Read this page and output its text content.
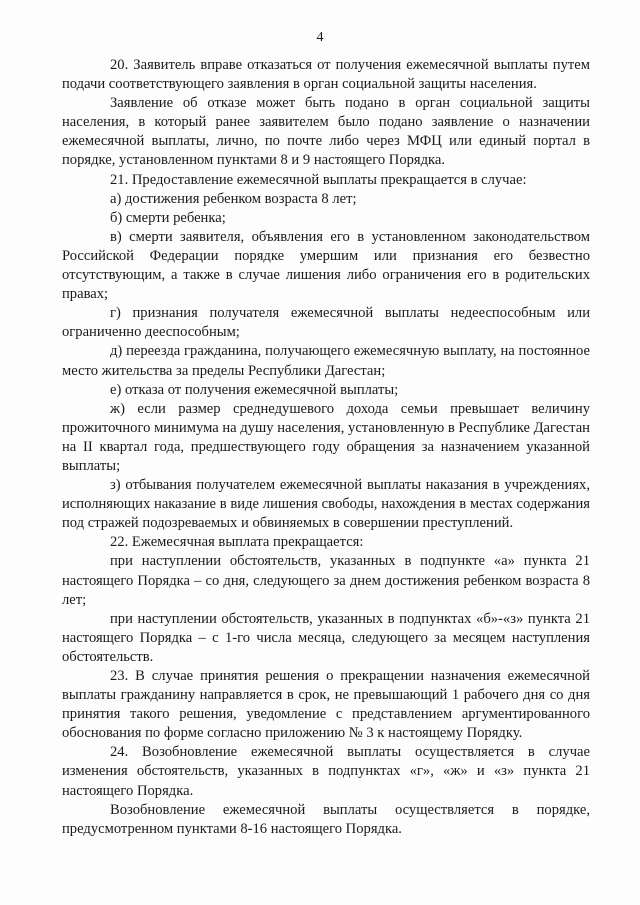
4

20. Заявитель вправе отказаться от получения ежемесячной выплаты путем подачи соответствующего заявления в орган социальной защиты населения.

Заявление об отказе может быть подано в орган социальной защиты населения, в который ранее заявителем было подано заявление о назначении ежемесячной выплаты, лично, по почте либо через МФЦ или единый портал в порядке, установленном пунктами 8 и 9 настоящего Порядка.

21. Предоставление ежемесячной выплаты прекращается в случае:

а) достижения ребенком возраста 8 лет;

б) смерти ребенка;

в) смерти заявителя, объявления его в установленном законодательством Российской Федерации порядке умершим или признания его безвестно отсутствующим, а также в случае лишения либо ограничения его в родительских правах;

г) признания получателя ежемесячной выплаты недееспособным или ограниченно дееспособным;

д) переезда гражданина, получающего ежемесячную выплату, на постоянное место жительства за пределы Республики Дагестан;

е) отказа от получения ежемесячной выплаты;

ж) если размер среднедушевого дохода семьи превышает величину прожиточного минимума на душу населения, установленную в Республике Дагестан на II квартал года, предшествующего году обращения за назначением указанной выплаты;

з) отбывания получателем ежемесячной выплаты наказания в учреждениях, исполняющих наказание в виде лишения свободы, нахождения в местах содержания под стражей подозреваемых и обвиняемых в совершении преступлений.

22. Ежемесячная выплата прекращается:

при наступлении обстоятельств, указанных в подпункте «а» пункта 21 настоящего Порядка – со дня, следующего за днем достижения ребенком возраста 8 лет;

при наступлении обстоятельств, указанных в подпунктах «б»-«з» пункта 21 настоящего Порядка – с 1-го числа месяца, следующего за месяцем наступления обстоятельств.

23. В случае принятия решения о прекращении назначения ежемесячной выплаты гражданину направляется в срок, не превышающий 1 рабочего дня со дня принятия такого решения, уведомление с представлением аргументированного обоснования по форме согласно приложению № 3 к настоящему Порядку.

24. Возобновление ежемесячной выплаты осуществляется в случае изменения обстоятельств, указанных в подпунктах «г», «ж» и «з» пункта 21 настоящего Порядка.

Возобновление ежемесячной выплаты осуществляется в порядке, предусмотренном пунктами 8-16 настоящего Порядка.
